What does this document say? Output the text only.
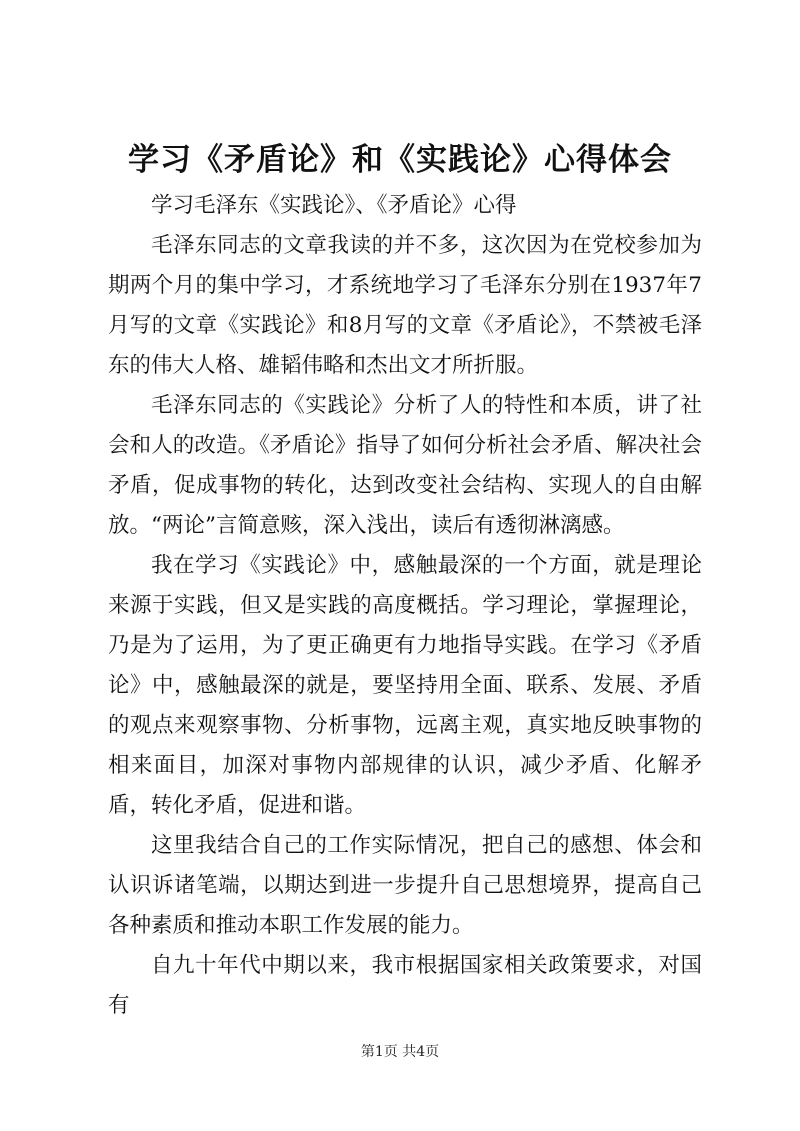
学习《矛盾论》和《实践论》心得体会

学习毛泽东《实践论》、《矛盾论》心得

毛泽东同志的文章我读的并不多，这次因为在党校参加为期两个月的集中学习，才系统地学习了毛泽东分别在1937年7月写的文章《实践论》和8月写的文章《矛盾论》，不禁被毛泽东的伟大人格、雄韬伟略和杰出文才所折服。

毛泽东同志的《实践论》分析了人的特性和本质，讲了社会和人的改造。《矛盾论》指导了如何分析社会矛盾、解决社会矛盾，促成事物的转化，达到改变社会结构、实现人的自由解放。“两论”言简意赅，深入浅出，读后有透彻淋漓感。

我在学习《实践论》中，感触最深的一个方面，就是理论来源于实践，但又是实践的高度概括。学习理论，掌握理论，乃是为了运用，为了更正确更有力地指导实践。在学习《矛盾论》中，感触最深的就是，要坚持用全面、联系、发展、矛盾的观点来观察事物、分析事物，远离主观，真实地反映事物的相来面目，加深对事物内部规律的认识，减少矛盾、化解矛盾，转化矛盾，促进和谐。

这里我结合自己的工作实际情况，把自己的感想、体会和认识诉诸笔端，以期达到进一步提升自己思想境界，提高自己各种素质和推动本职工作发展的能力。

自九十年代中期以来，我市根据国家相关政策要求，对国有

第1页 共4页
